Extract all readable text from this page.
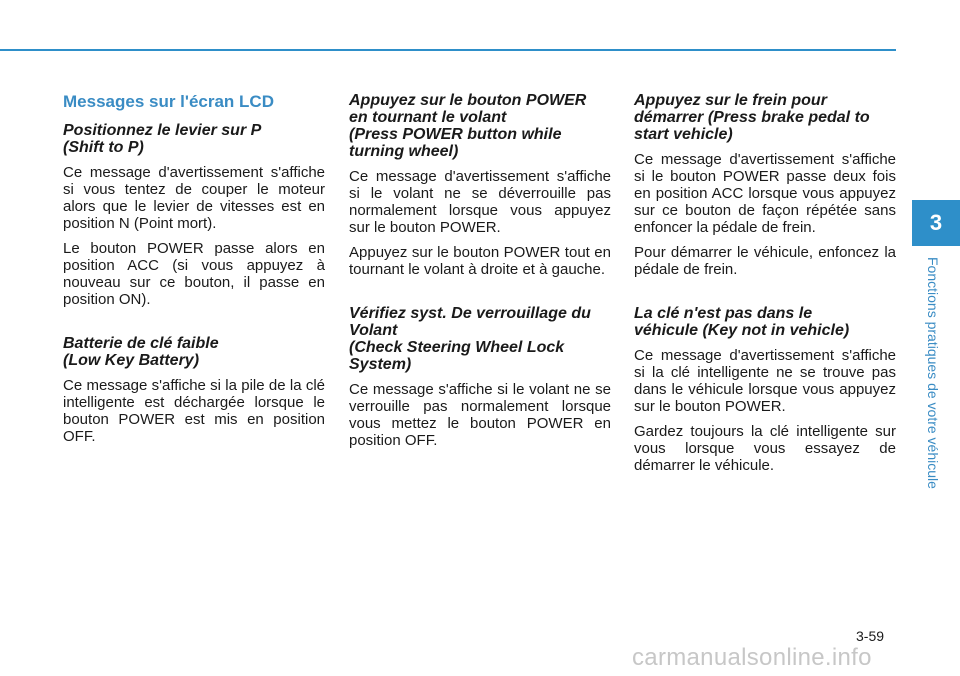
Messages sur l'écran LCD
Positionnez le levier sur P
(Shift to P)

Ce message d'avertissement s'affiche si vous tentez de couper le moteur alors que le levier de vitesses est en position N (Point mort).

Le bouton POWER passe alors en position ACC (si vous appuyez à nouveau sur ce bouton, il passe en position ON).

Batterie de clé faible
(Low Key Battery)

Ce message s'affiche si la pile de la clé intelligente est déchargée lorsque le bouton POWER est mis en position OFF.

Appuyez sur le bouton POWER
en tournant le volant
(Press POWER button while
turning wheel)

Ce message d'avertissement s'affiche si le volant ne se déverrouille pas normalement lorsque vous appuyez sur le bouton POWER.

Appuyez sur le bouton POWER tout en tournant le volant à droite et à gauche.

Vérifiez syst. De verrouillage du
Volant
(Check Steering Wheel Lock
System)

Ce message s'affiche si le volant ne se verrouille pas normalement lorsque vous mettez le bouton POWER en position OFF.

Appuyez sur le frein pour
démarrer (Press brake pedal to
start vehicle)

Ce message d'avertissement s'affiche si le bouton POWER passe deux fois en position ACC lorsque vous appuyez sur ce bouton de façon répétée sans enfoncer la pédale de frein.

Pour démarrer le véhicule, enfoncez la pédale de frein.

La clé n'est pas dans le
véhicule (Key not in vehicle)

Ce message d'avertissement s'affiche si la clé intelligente ne se trouve pas dans le véhicule lorsque vous appuyez sur le bouton POWER.

Gardez toujours la clé intelligente sur vous lorsque vous essayez de démarrer le véhicule.

3
Fonctions pratiques de votre véhicule
3-59
carmanualsonline.info
